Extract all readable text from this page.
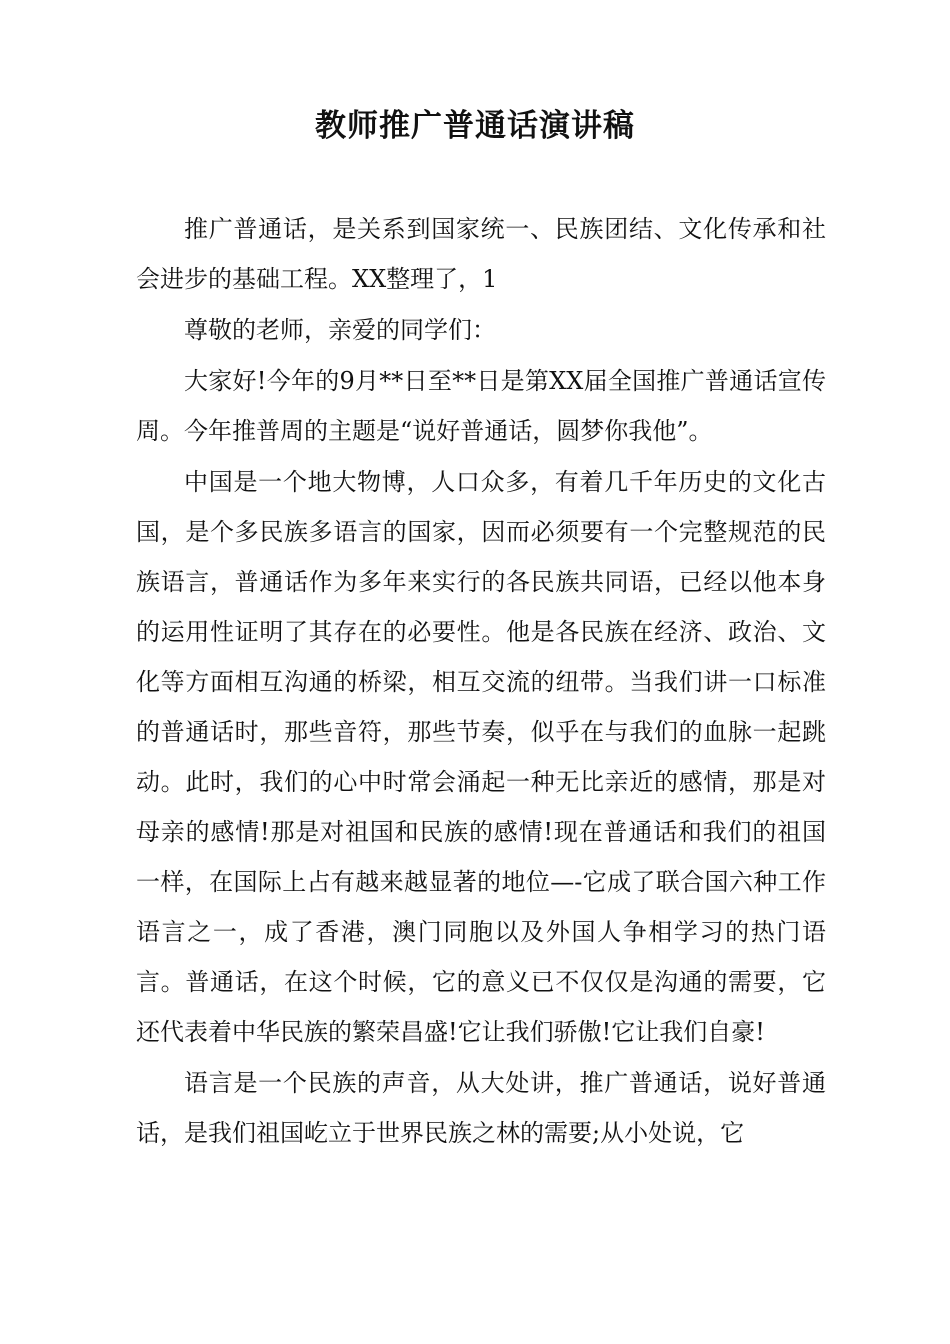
教师推广普通话演讲稿

推广普通话，是关系到国家统一、民族团结、文化传承和社会进步的基础工程。XX整理了，1

尊敬的老师，亲爱的同学们：

大家好!今年的9月**日至**日是第XX届全国推广普通话宣传周。今年推普周的主题是“说好普通话，圆梦你我他”。

中国是一个地大物博，人口众多，有着几千年历史的文化古国，是个多民族多语言的国家，因而必须要有一个完整规范的民族语言，普通话作为多年来实行的各民族共同语，已经以他本身的运用性证明了其存在的必要性。他是各民族在经济、政治、文化等方面相互沟通的桥梁，相互交流的纽带。当我们讲一口标准的普通话时，那些音符，那些节奏，似乎在与我们的血脉一起跳动。此时，我们的心中时常会涌起一种无比亲近的感情，那是对母亲的感情!那是对祖国和民族的感情!现在普通话和我们的祖国一样，在国际上占有越来越显著的地位—-它成了联合国六种工作语言之一，成了香港，澳门同胞以及外国人争相学习的热门语言。普通话，在这个时候，它的意义已不仅仅是沟通的需要，它还代表着中华民族的繁荣昌盛!它让我们骄傲!它让我们自豪!

语言是一个民族的声音，从大处讲，推广普通话，说好普通话，是我们祖国屹立于世界民族之林的需要;从小处说，它
